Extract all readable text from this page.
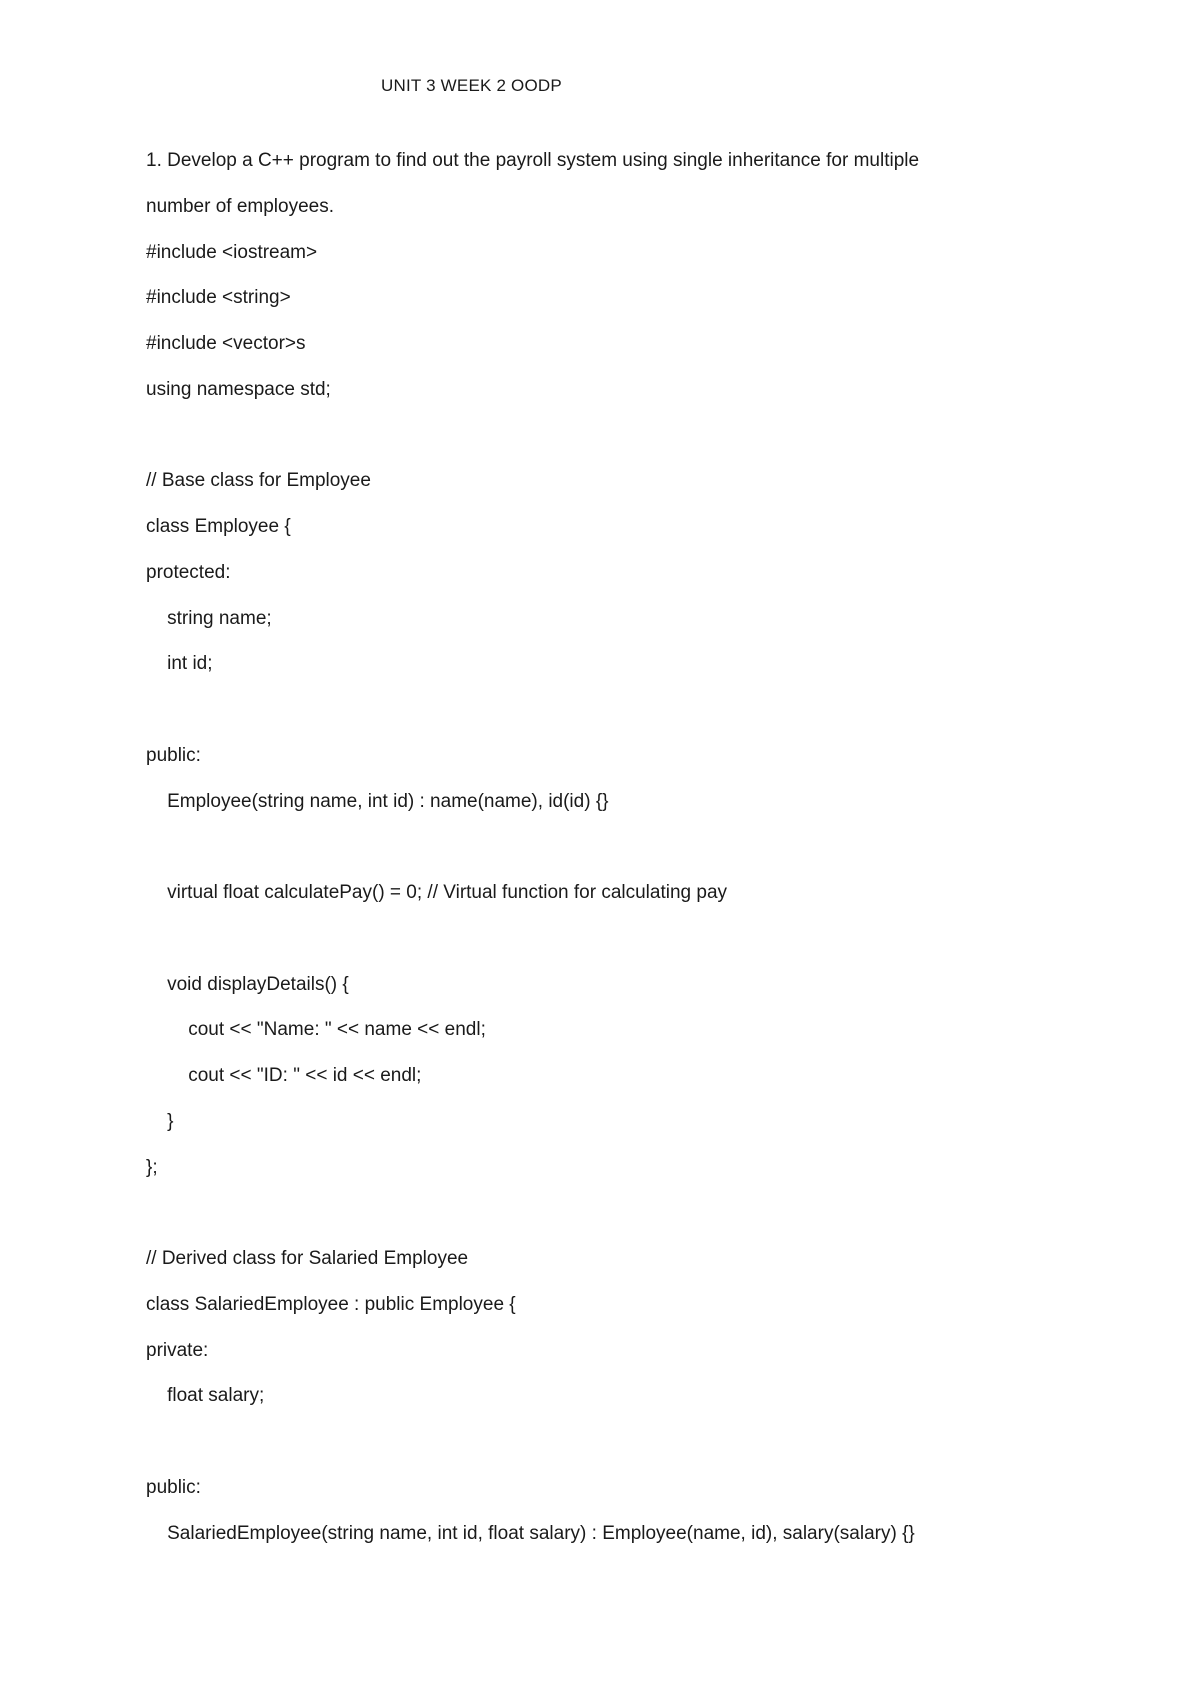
UNIT 3 WEEK 2 OODP

1. Develop a C++ program to find out the payroll system using single inheritance for multiple

number of employees.

#include <iostream>

#include <string>

#include <vector>s

using namespace std;

// Base class for Employee

class Employee {

protected:

string name;

int id;

public:

Employee(string name, int id) : name(name), id(id) {}

virtual float calculatePay() = 0; // Virtual function for calculating pay

void displayDetails() {

cout << "Name: " << name << endl;

cout << "ID: " << id << endl;

}

};

// Derived class for Salaried Employee

class SalariedEmployee : public Employee {

private:

float salary;

public:

SalariedEmployee(string name, int id, float salary) : Employee(name, id), salary(salary) {}
